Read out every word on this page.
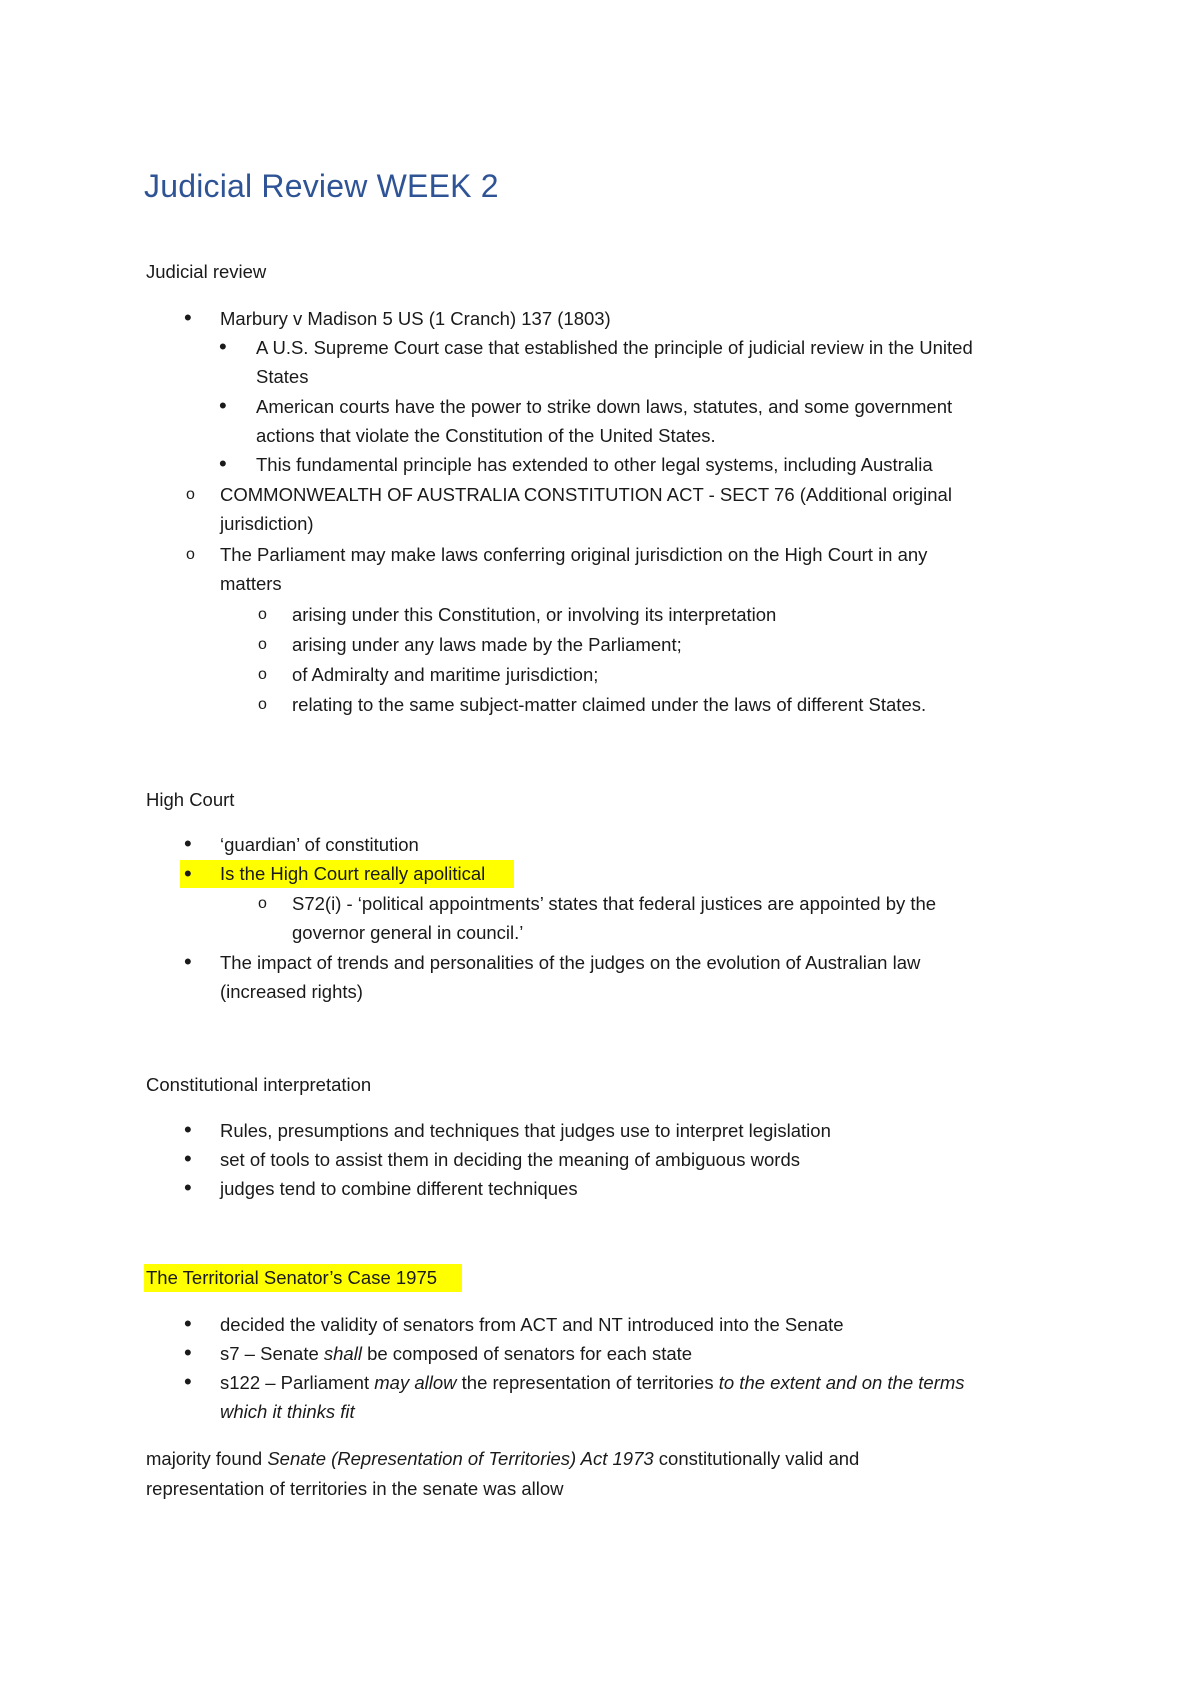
Judicial Review WEEK 2
Judicial review
•
Marbury v Madison 5 US (1 Cranch) 137 (1803)
•
A U.S. Supreme Court case that established the principle of judicial review in the United
States
•
American courts have the power to strike down laws, statutes, and some government
actions that violate the Constitution of the United States.
•
This fundamental principle has extended to other legal systems, including Australia
o COMMONWEALTH OF AUSTRALIA CONSTITUTION ACT - SECT 76 (Additional original
jurisdiction)
o The Parliament may make laws conferring original jurisdiction on the High Court in any
matters
o arising under this Constitution, or involving its interpretation
o arising under any laws made by the Parliament;
o of Admiralty and maritime jurisdiction;
o relating to the same subject-matter claimed under the laws of different States.
High Court
•
‘guardian’ of constitution
•
Is the High Court really apolitical
o S72(i) - ‘political appointments’ states that federal justices are appointed by the
governor general in council.’
•
The impact of trends and personalities of the judges on the evolution of Australian law
(increased rights)
Constitutional interpretation
•
Rules, presumptions and techniques that judges use to interpret legislation
•
set of tools to assist them in deciding the meaning of ambiguous words
•
judges tend to combine different techniques
The Territorial Senator’s Case 1975
•
decided the validity of senators from ACT and NT introduced into the Senate
•
s7 – Senate shall be composed of senators for each state
•
s122 – Parliament may allow the representation of territories to the extent and on the terms
which it thinks fit
majority found Senate (Representation of Territories) Act 1973 constitutionally valid and
representation of territories in the senate was allow
